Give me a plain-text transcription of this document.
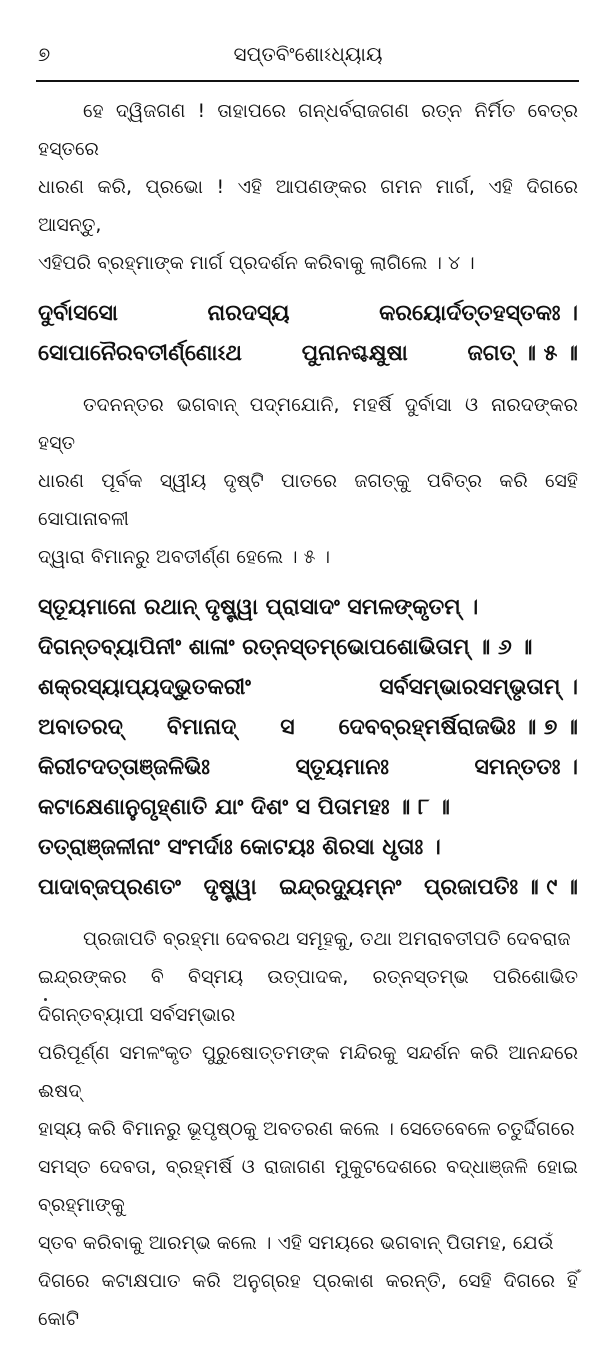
୭	ସପ୍ତବିଂଶୋଽଧ୍ୟାୟ

ହେ ଦ୍ୱିଜଗଣ ! ତାହାପରେ ଗନ୍ଧର୍ବରାଜଗଣ ରତ୍ନ ନିର୍ମିତ ବେତ୍ର ହସ୍ତରେ

ଧାରଣ କରି, ପ୍ରଭୋ ! ଏହି ଆପଣଙ୍କର ଗମନ ମାର୍ଗ, ଏହି ଦିଗରେ ଆସନ୍ତୁ,

ଏହିପରି ବ୍ରହ୍ମାଙ୍କ ମାର୍ଗ ପ୍ରଦର୍ଶନ କରିବାକୁ ଲାଗିଲେ । ୪ ।

ଦୁର୍ବାସସୋ	ନାରଦସ୍ୟ	କରୟୋର୍ଦତ୍ତହସ୍ତକଃ ।
ସୋପାନୈରବତୀର୍ଣ୍ଣୋଽଥ	ପୁନାନଶ୍ଚକ୍ଷୁଷା	ଜଗତ୍ ॥ ୫ ॥

ତଦନନ୍ତର ଭଗବାନ୍ ପଦ୍ମଯୋନି, ମହର୍ଷି ଦୁର୍ବାସା ଓ ନାରଦଙ୍କର ହସ୍ତ

ଧାରଣ ପୂର୍ବକ ସ୍ୱୀୟ ଦୃଷ୍ଟି ପାତରେ ଜଗତ୍‌କୁ ପବିତ୍ର କରି ସେହି ସୋପାନାବଳୀ

ଦ୍ୱାରା ବିମାନରୁ ଅବତୀର୍ଣ୍ଣ ହେଲେ । ୫ ।

ସ୍ତୂୟମାନୋ ରଥାନ୍ ଦୃଷ୍ଟ୍ୱା ପ୍ରାସାଦଂ ସମଳଙ୍କୃତମ୍ ।
ଦିଗନ୍ତବ୍ୟାପିନୀଂ ଶାଳାଂ ରତ୍ନସ୍ତମ୍ଭୋପଶୋଭିତାମ୍ ॥ ୬ ॥
ଶକ୍ରସ୍ୟାପ୍ୟଦ୍ଭୁତକରୀଂ	ସର୍ବସମ୍ଭାରସମ୍ଭୃତାମ୍ ।
ଅବାତରଦ୍ ବିମାନାଦ୍ ସ ଦେବବ୍ରହ୍ମର୍ଷିରାଜଭିଃ ॥ ୭ ॥
କିରୀଟଦତ୍ତାଞ୍ଜଳିଭିଃ	ସ୍ତୂୟମାନଃ	ସମନ୍ତତଃ ।
କଟାକ୍ଷେଣାନୁଗୃହ୍ଣାତି ଯାଂ ଦିଶଂ ସ ପିତାମହଃ ॥ ୮ ॥
ତତ୍ରାଞ୍ଜଳୀନାଂ ସଂମର୍ଦାଃ କୋଟୟଃ ଶିରସା ଧୃତାଃ ।
ପାଦାବ୍ଜପ୍ରଣତଂ ଦୃଷ୍ଟ୍ୱା ଇନ୍ଦ୍ରଦ୍ୟୁମ୍ନଂ ପ୍ରଜାପତିଃ ॥ ୯ ॥

ପ୍ରଜାପତି ବ୍ରହ୍ମା ଦେବରଥ ସମୂହକୁ, ତଥା ଅମରାବତୀପତି ଦେବରାଜ

ଇନ୍ଦ୍ରଙ୍କର ବି ବିସ୍ମୟ ଉତ୍ପାଦକ, ରତ୍ନସ୍ତମ୍ଭ ପରିଶୋଭିତ ଦିଗନ୍ତବ୍ୟାପୀ ସର୍ବସମ୍ଭାର

ପରିପୂର୍ଣ୍ଣ ସମଳଂକୃତ ପୁରୁଷୋତ୍ତମଙ୍କ ମନ୍ଦିରକୁ ସନ୍ଦର୍ଶନ କରି ଆନନ୍ଦରେ ଈଷଦ୍

ହାସ୍ୟ କରି ବିମାନରୁ ଭୂପୃଷ୍ଠକୁ ଅବତରଣ କଲେ । ସେତେବେଳେ ଚତୁର୍ଦ୍ଦିଗରେ

ସମସ୍ତ ଦେବତା, ବ୍ରହ୍ମର୍ଷି ଓ ରାଜାଗଣ ମୁକୁଟଦେଶରେ ବଦ୍ଧାଞ୍ଜଳି ହୋଇ ବ୍ରହ୍ମାଙ୍କୁ

ସ୍ତବ କରିବାକୁ ଆରମ୍ଭ କଲେ । ଏହି ସମୟରେ ଭଗବାନ୍ ପିତାମହ, ଯେଉଁ

ଦିଗରେ କଟାକ୍ଷପାତ କରି ଅନୁଗ୍ରହ ପ୍ରକାଶ କରନ୍ତି, ସେହି ଦିଗରେ ହିଁ କୋଟି
